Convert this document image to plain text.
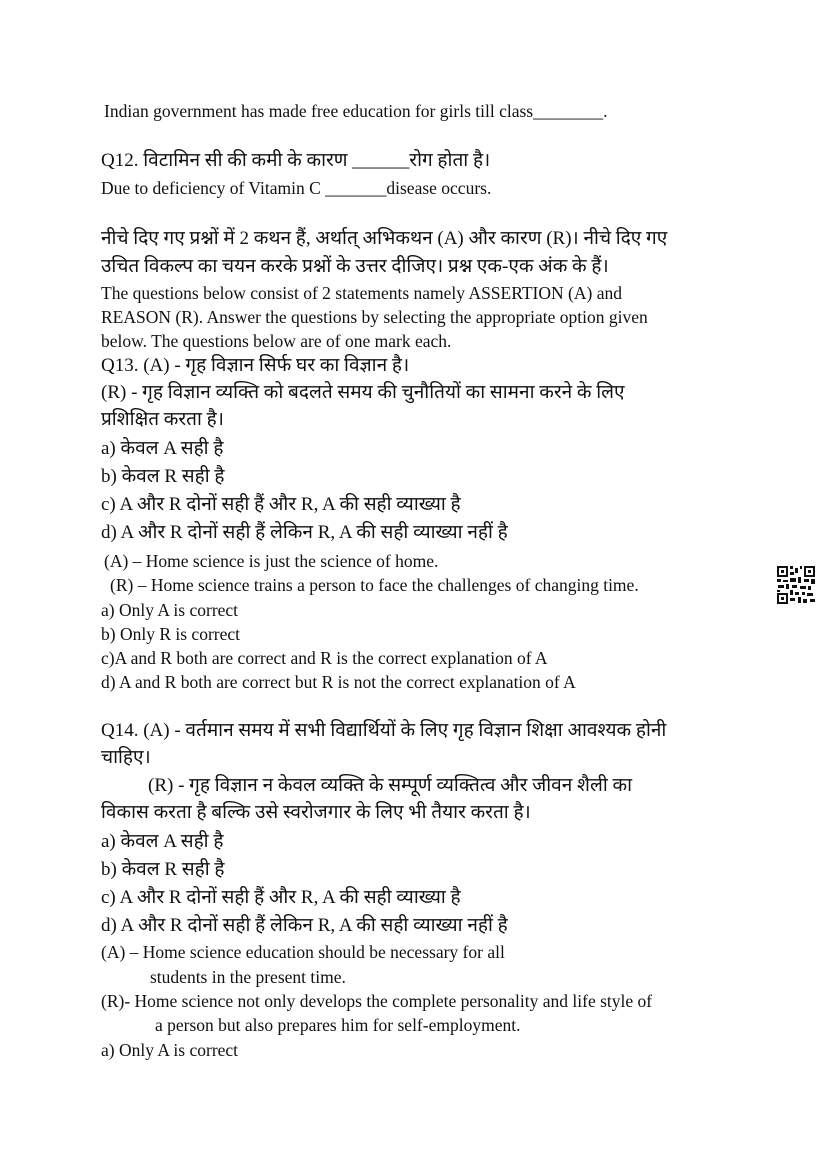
Indian government has made free education for girls till class________.
Q12. विटामिन सी की कमी के कारण ______रोग होता है।
Due to deficiency of Vitamin C _______disease occurs.
नीचे दिए गए प्रश्नों में 2 कथन हैं, अर्थात् अभिकथन (A) और कारण (R)। नीचे दिए गए
उचित विकल्प का चयन करके प्रश्नों के उत्तर दीजिए। प्रश्न एक-एक अंक के हैं।
The questions below consist of 2 statements namely ASSERTION (A) and
REASON (R). Answer the questions by selecting the appropriate option given
below. The questions below are of one mark each.
Q13. (A) - गृह विज्ञान सिर्फ घर का विज्ञान है।
(R) - गृह विज्ञान व्यक्ति को बदलते समय की चुनौतियों का सामना करने के लिए
प्रशिक्षित करता है।
a) केवल A सही है
b) केवल R सही है
c) A और R दोनों सही हैं और R, A की सही व्याख्या है
d) A और R दोनों सही हैं लेकिन R, A की सही व्याख्या नहीं है
(A) – Home science is just the science of home.
(R) – Home science trains a person to face the challenges of changing time.
a) Only A is correct
b) Only R is correct
c)A and R both are correct and R is the correct explanation of A
d) A and R both are correct but R is not the correct explanation of A
Q14. (A) - वर्तमान समय में सभी विद्यार्थियों के लिए गृह विज्ञान शिक्षा आवश्यक होनी
चाहिए।
(R) - गृह विज्ञान न केवल व्यक्ति के सम्पूर्ण व्यक्तित्व और जीवन शैली का
विकास करता है बल्कि उसे स्वरोजगार के लिए भी तैयार करता है।
a) केवल A सही है
b) केवल R सही है
c) A और R दोनों सही हैं और R, A की सही व्याख्या है
d) A और R दोनों सही हैं लेकिन R, A की सही व्याख्या नहीं है
(A) – Home science education should be necessary for all
students in the present time.
(R)- Home science not only develops the complete personality and life style of
a person but also prepares him for self-employment.
a) Only A is correct
